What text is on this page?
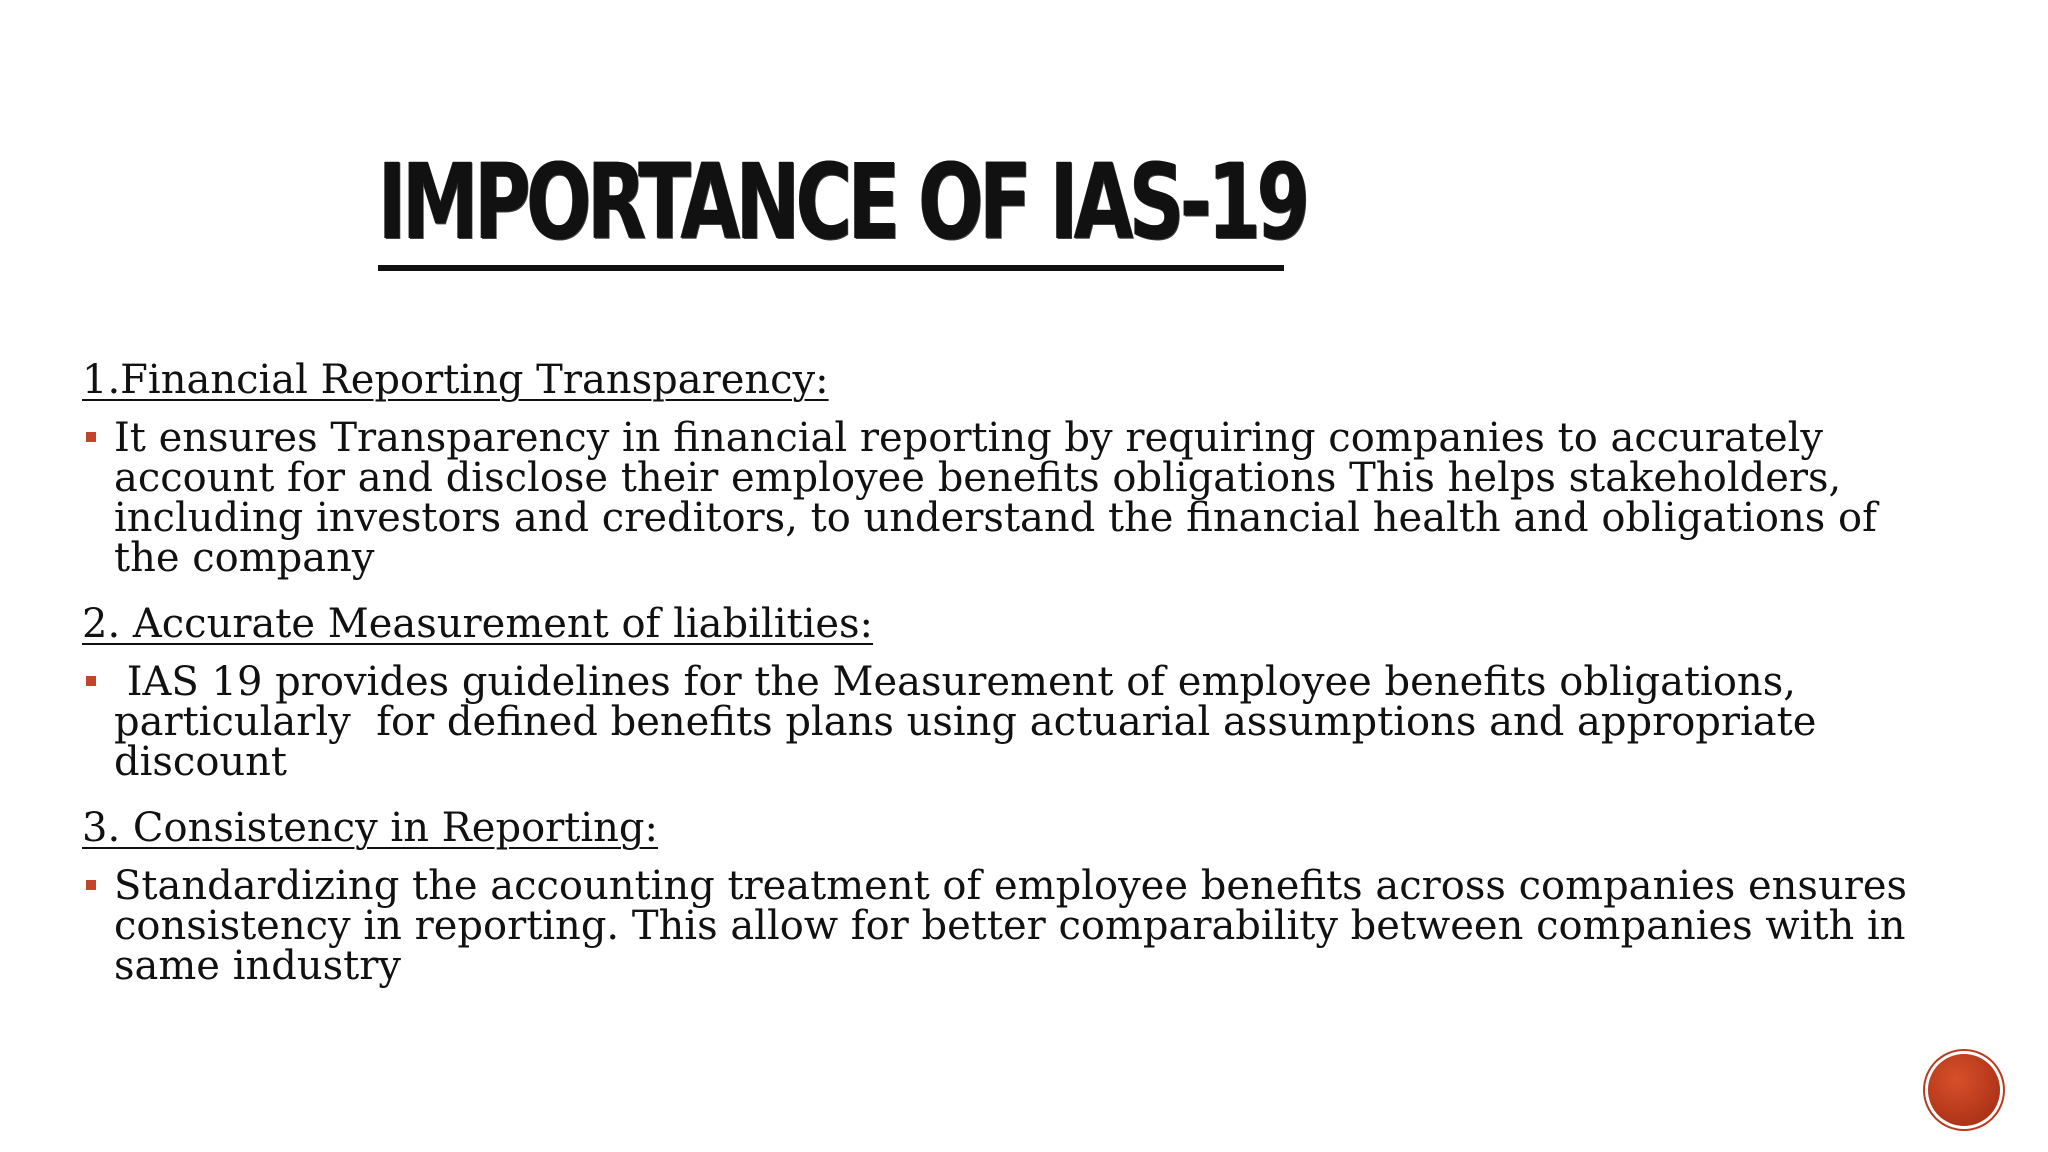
IMPORTANCE OF IAS-19

1.Financial Reporting Transparency:

It ensures Transparency in financial reporting by requiring companies to accurately
account for and disclose their employee benefits obligations This helps stakeholders,
including investors and creditors, to understand the financial health and obligations of
the company

2. Accurate Measurement of liabilities:

IAS 19 provides guidelines for the Measurement of employee benefits obligations,
particularly  for defined benefits plans using actuarial assumptions and appropriate
discount

3. Consistency in Reporting:

Standardizing the accounting treatment of employee benefits across companies ensures
consistency in reporting. This allow for better comparability between companies with in
same industry
